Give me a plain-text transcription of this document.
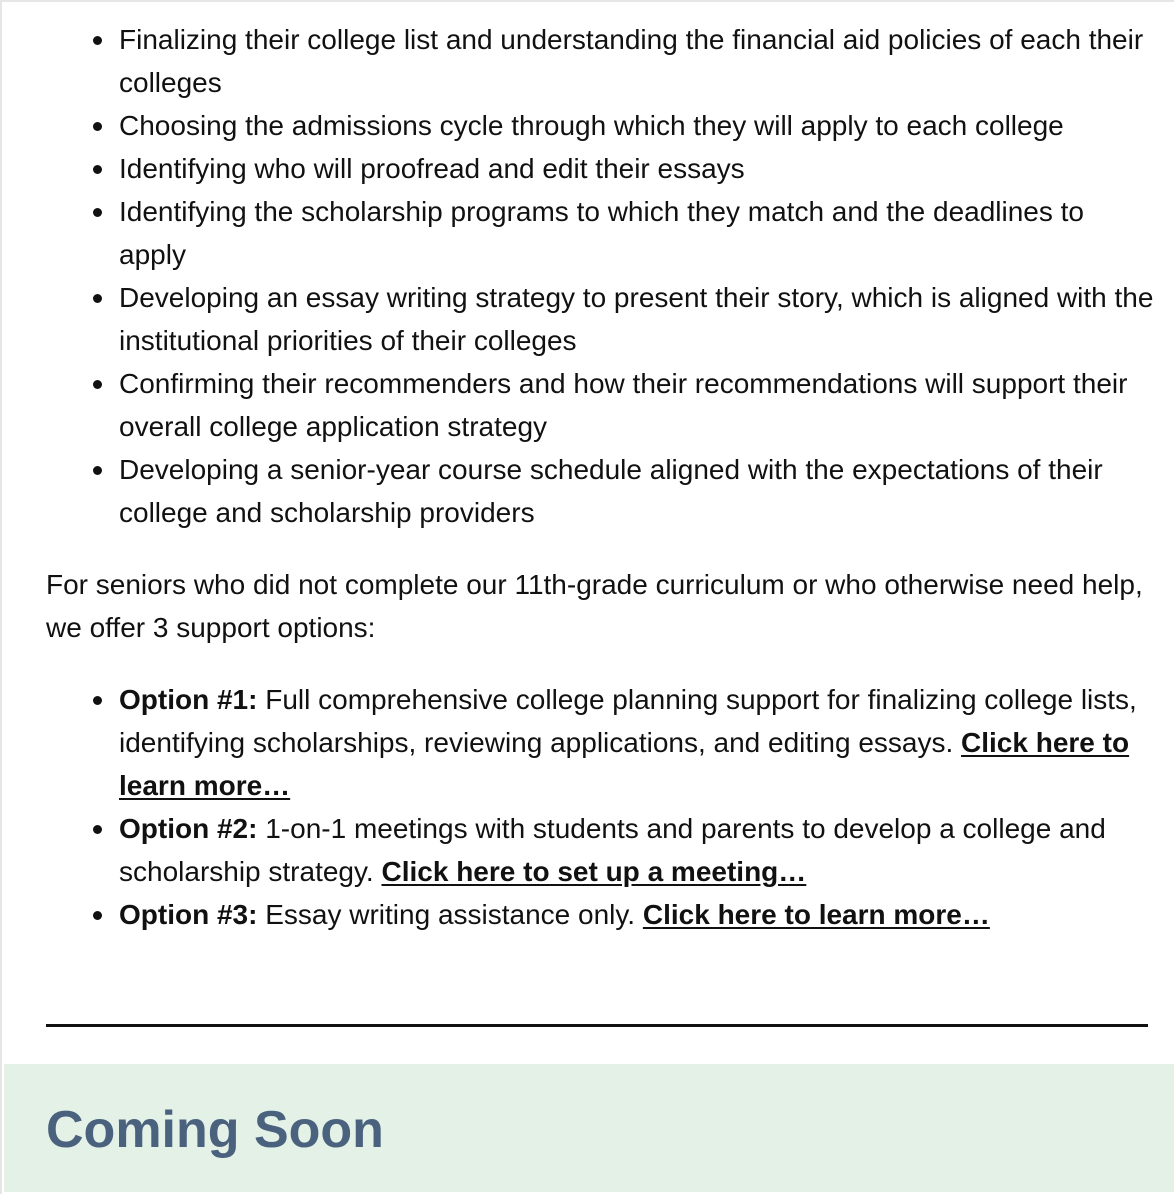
Finalizing their college list and understanding the financial aid policies of each their colleges
Choosing the admissions cycle through which they will apply to each college
Identifying who will proofread and edit their essays
Identifying the scholarship programs to which they match and the deadlines to apply
Developing an essay writing strategy to present their story, which is aligned with the institutional priorities of their colleges
Confirming their recommenders and how their recommendations will support their overall college application strategy
Developing a senior-year course schedule aligned with the expectations of their college and scholarship providers

For seniors who did not complete our 11th-grade curriculum or who otherwise need help, we offer 3 support options:

Option #1: Full comprehensive college planning support for finalizing college lists, identifying scholarships, reviewing applications, and editing essays. Click here to learn more…
Option #2: 1-on-1 meetings with students and parents to develop a college and scholarship strategy. Click here to set up a meeting…
Option #3: Essay writing assistance only. Click here to learn more…
Coming Soon
